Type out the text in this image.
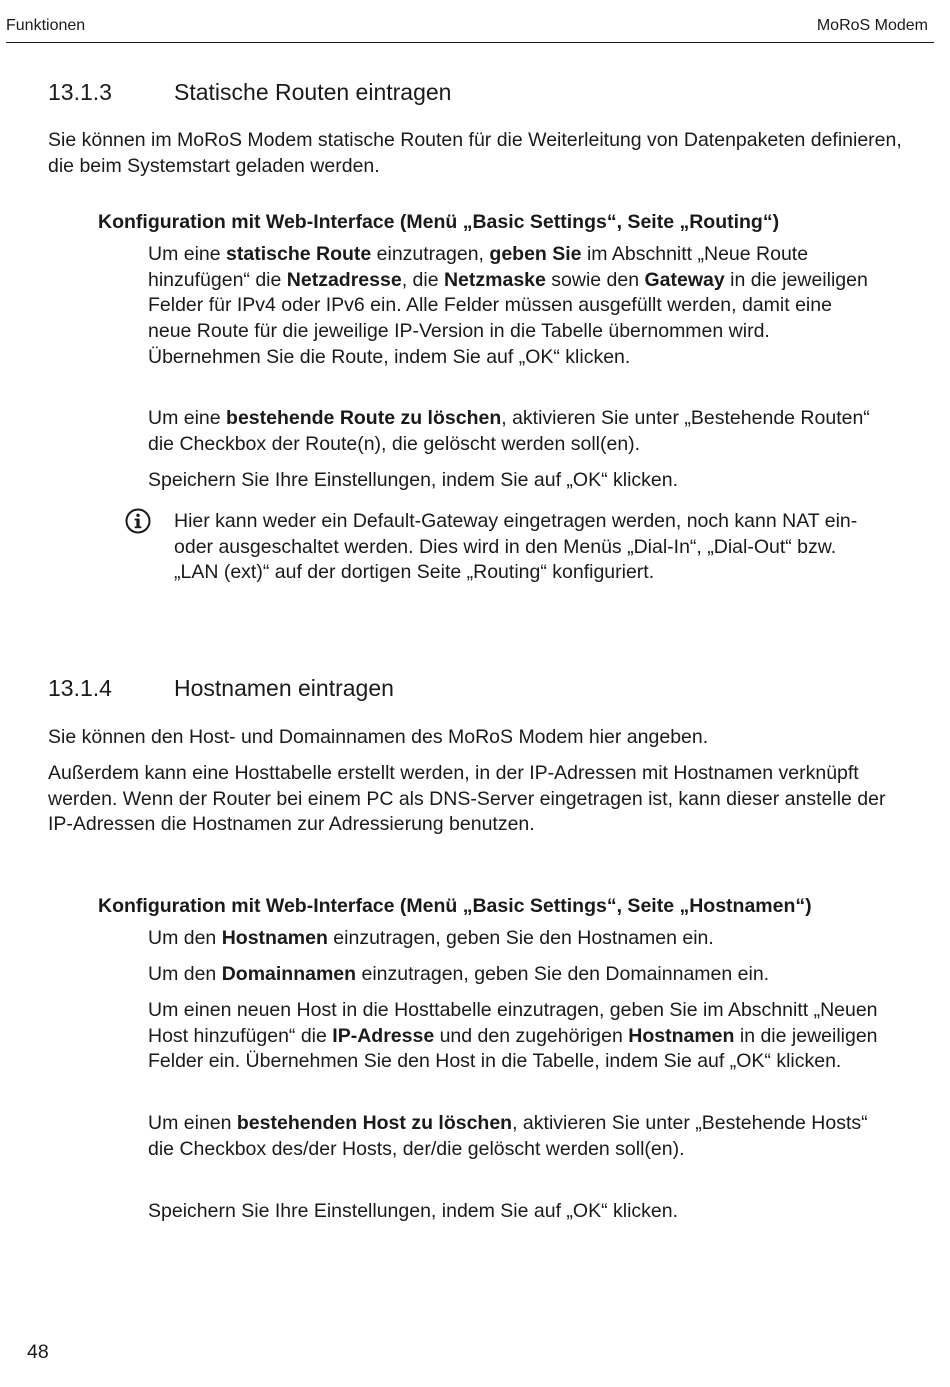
Funktionen	MoRoS Modem
13.1.3	Statische Routen eintragen

Sie können im MoRoS Modem statische Routen für die Weiterleitung von Datenpaketen definieren, die beim Systemstart geladen werden.

Konfiguration mit Web-Interface (Menü „Basic Settings“, Seite „Routing“)

Um eine statische Route einzutragen, geben Sie im Abschnitt „Neue Route hinzufügen“ die Netzadresse, die Netzmaske sowie den Gateway in die jeweiligen Felder für IPv4 oder IPv6 ein. Alle Felder müssen ausgefüllt werden, damit eine neue Route für die jeweilige IP-Version in die Tabelle übernommen wird. Übernehmen Sie die Route, indem Sie auf „OK“ klicken.

Um eine bestehende Route zu löschen, aktivieren Sie unter „Bestehende Routen“ die Checkbox der Route(n), die gelöscht werden soll(en).

Speichern Sie Ihre Einstellungen, indem Sie auf „OK“ klicken.

Hier kann weder ein Default-Gateway eingetragen werden, noch kann NAT ein- oder ausgeschaltet werden. Dies wird in den Menüs „Dial-In“, „Dial-Out“ bzw. „LAN (ext)“ auf der dortigen Seite „Routing“ konfiguriert.

13.1.4	Hostnamen eintragen

Sie können den Host- und Domainnamen des MoRoS Modem hier angeben.

Außerdem kann eine Hosttabelle erstellt werden, in der IP-Adressen mit Hostnamen verknüpft werden. Wenn der Router bei einem PC als DNS-Server eingetragen ist, kann dieser anstelle der IP-Adressen die Hostnamen zur Adressierung benutzen.

Konfiguration mit Web-Interface (Menü „Basic Settings“, Seite „Hostnamen“)

Um den Hostnamen einzutragen, geben Sie den Hostnamen ein.

Um den Domainnamen einzutragen, geben Sie den Domainnamen ein.

Um einen neuen Host in die Hosttabelle einzutragen, geben Sie im Abschnitt „Neuen Host hinzufügen“ die IP-Adresse und den zugehörigen Hostnamen in die jeweiligen Felder ein. Übernehmen Sie den Host in die Tabelle, indem Sie auf „OK“ klicken.

Um einen bestehenden Host zu löschen, aktivieren Sie unter „Bestehende Hosts“ die Checkbox des/der Hosts, der/die gelöscht werden soll(en).

Speichern Sie Ihre Einstellungen, indem Sie auf „OK“ klicken.

48
